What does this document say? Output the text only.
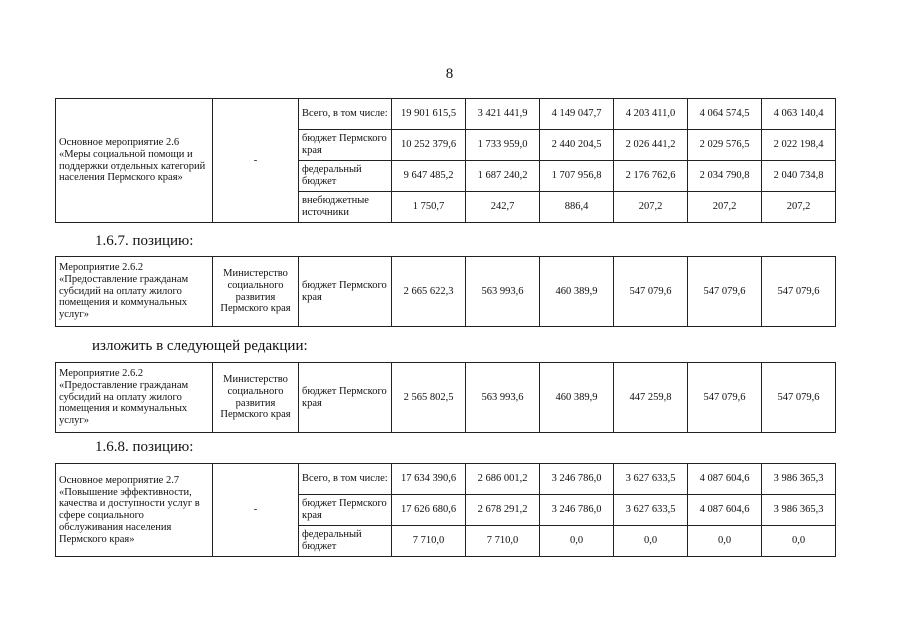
8
Основное мероприятие 2.6 «Меры социальной помощи и поддержки отдельных категорий населения Пермского края»	-	Всего, в том числе:	19 901 615,5	3 421 441,9	4 149 047,7	4 203 411,0	4 064 574,5	4 063 140,4
		бюджет Пермского края	10 252 379,6	1 733 959,0	2 440 204,5	2 026 441,2	2 029 576,5	2 022 198,4
		федеральный бюджет	9 647 485,2	1 687 240,2	1 707 956,8	2 176 762,6	2 034 790,8	2 040 734,8
		внебюджетные источники	1 750,7	242,7	886,4	207,2	207,2	207,2
1.6.7. позицию:
Мероприятие 2.6.2 «Предоставление гражданам субсидий на оплату жилого помещения и коммунальных услуг»	Министерство социального развития Пермского края	бюджет Пермского края	2 665 622,3	563 993,6	460 389,9	547 079,6	547 079,6	547 079,6
изложить в следующей редакции:
Мероприятие 2.6.2 «Предоставление гражданам субсидий на оплату жилого помещения и коммунальных услуг»	Министерство социального развития Пермского края	бюджет Пермского края	2 565 802,5	563 993,6	460 389,9	447 259,8	547 079,6	547 079,6
1.6.8. позицию:
Основное мероприятие 2.7 «Повышение эффективности, качества и доступности услуг в сфере социального обслуживания населения Пермского края»	-	Всего, в том числе:	17 634 390,6	2 686 001,2	3 246 786,0	3 627 633,5	4 087 604,6	3 986 365,3
		бюджет Пермского края	17 626 680,6	2 678 291,2	3 246 786,0	3 627 633,5	4 087 604,6	3 986 365,3
		федеральный бюджет	7 710,0	7 710,0	0,0	0,0	0,0	0,0
